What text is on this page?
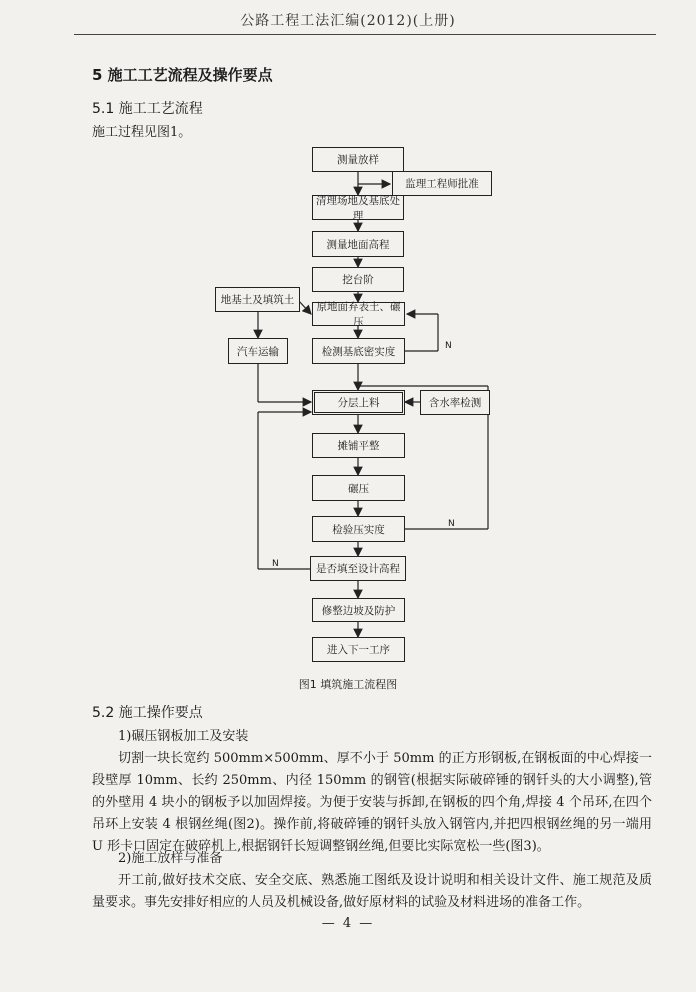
公路工程工法汇编(2012)(上册)
5 施工工艺流程及操作要点
5.1 施工工艺流程
施工过程见图1。
测量放样
监理工程师批准
清理场地及基底处理
测量地面高程
挖台阶
地基土及填筑土
原地面弃表土、碾压
汽车运输	检测基底密实度
分层上料	含水率检测
摊铺平整
碾压
检验压实度
是否填至设计高程
修整边坡及防护
进入下一工序
N
N
N
图1 填筑施工流程图
5.2 施工操作要点
1)碾压钢板加工及安装
切割一块长宽约 500mm×500mm、厚不小于 50mm 的正方形钢板,在钢板面的中心焊接一段壁厚 10mm、长约 250mm、内径 150mm 的钢管(根据实际破碎锤的钢钎头的大小调整),管的外壁用 4 块小的钢板予以加固焊接。为便于安装与拆卸,在钢板的四个角,焊接 4 个吊环,在四个吊环上安装 4 根钢丝绳(图2)。操作前,将破碎锤的钢钎头放入钢管内,并把四根钢丝绳的另一端用 U 形卡口固定在破碎机上,根据钢钎长短调整钢丝绳,但要比实际宽松一些(图3)。
2)施工放样与准备
开工前,做好技术交底、安全交底、熟悉施工图纸及设计说明和相关设计文件、施工规范及质量要求。事先安排好相应的人员及机械设备,做好原材料的试验及材料进场的准备工作。
— 4 —
